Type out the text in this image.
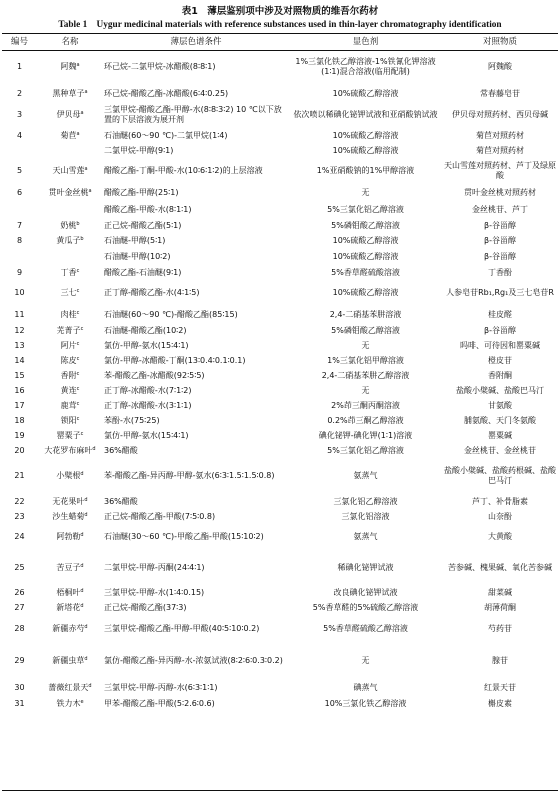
表1　薄层鉴别项中涉及对照物质的维吾尔药材
Table 1　Uygur medicinal materials with reference substances used in thin-layer chromatography identification
编号	名称	薄层色谱条件	显色剂	对照物质
1	阿魏$^a$	环己烷-二氯甲烷-冰醋酸(8∶8∶1)	1%三氯化铁乙醇溶液-1%铁氰化钾溶液(1∶1)混合溶液(临用配制)	阿魏酸
2	黑种草子$^a$	环己烷-醋酸乙酯-冰醋酸(6∶4∶0.25)	10%硫酸乙醇溶液	常春藤皂苷
3	伊贝母$^a$	三氯甲烷-醋酸乙酯-甲醇-水(8∶8∶3∶2) 10 ℃以下放置的下层溶液为展开剂	依次喷以稀碘化铋钾试液和亚硝酸钠试液	伊贝母对照药材、西贝母碱
4	菊苣$^a$	石油醚(60～90 ℃)-二氯甲烷(1∶4)	10%硫酸乙醇溶液	菊苣对照药材
		二氯甲烷-甲醇(9∶1)	10%硫酸乙醇溶液	菊苣对照药材
5	天山雪莲$^a$	醋酸乙酯-丁酮-甲酸-水(10∶6∶1∶2)的上层溶液	1%亚硝酸钠的1%甲醇溶液	天山雪莲对照药材、芦丁及绿原酸
6	贯叶金丝桃$^a$	醋酸乙酯-甲醇(25∶1)	无	贯叶金丝桃对照药材
		醋酸乙酯-甲酸-水(8∶1∶1)	5%三氯化铝乙醇溶液	金丝桃苷、芦丁
7	奶桃$^b$	正己烷-醋酸乙酯(5∶1)	5%磷钼酸乙醇溶液	β-谷甾醇
8	黄瓜子$^b$	石油醚-甲醇(5∶1)	10%硫酸乙醇溶液	β-谷甾醇
		石油醚-甲醇(10∶2)	10%硫酸乙醇溶液	β-谷甾醇
9	丁香$^c$	醋酸乙酯-石油醚(9∶1)	5%香草醛硫酸溶液	丁香酚
10	三七$^c$	正丁醇-醋酸乙酯-水(4∶1∶5)	10%硫酸乙醇溶液	人参皂苷Rb₁,Rg₁及三七皂苷R
11	肉桂$^c$	石油醚(60～90 ℃)-醋酸乙酯(85∶15)	2,4-二硝基苯肼溶液	桂皮醛
12	芜菁子$^c$	石油醚-醋酸乙酯(10∶2)	5%磷钼酸乙醇溶液	β-谷甾醇
13	阿片$^c$	氯仿-甲醇-氨水(15∶4∶1)	无	吗啡、可待因和罂粟碱
14	陈皮$^c$	氯仿-甲醇-冰醋酸-丁酮(13∶0.4∶0.1∶0.1)	1%三氯化铝甲醇溶液	橙皮苷
15	香附$^c$	苯-醋酸乙酯-冰醋酸(92∶5∶5)	2,4-二硝基苯肼乙醇溶液	香附酮
16	黄连$^c$	正丁醇-冰醋酸-水(7∶1∶2)	无	盐酸小檗碱、盐酸巴马汀
17	鹿茸$^c$	正丁醇-冰醋酸-水(3∶1∶1)	2%茚三酮丙酮溶液	甘氨酸
18	锁阳$^c$	苯酚-水(75∶25)	0.2%茚三酮乙醇溶液	脯氨酸、天门冬氨酸
19	罂粟子$^c$	氯仿-甲醇-氨水(15∶4∶1)	碘化铋钾-碘化钾(1∶1)溶液	罂粟碱
20	大花罗布麻叶$^d$	36%醋酸	5%三氯化铝乙醇溶液	金丝桃苷、金丝桃苷
21	小檗根$^d$	苯-醋酸乙酯-异丙醇-甲醇-氨水(6∶3∶1.5∶1.5∶0.8)	氨蒸气	盐酸小檗碱、盐酸药根碱、盐酸巴马汀
22	无花果叶$^d$	36%醋酸	三氯化铝乙醇溶液	芦丁、补骨脂素
23	沙生蜡菊$^d$	正己烷-醋酸乙酯-甲酸(7∶5∶0.8)	三氯化铝溶液	山奈酚
24	阿勃勒$^d$	石油醚(30～60 ℃)-甲酸乙酯-甲酸(15∶10∶2)	氨蒸气	大黄酸
25	苦豆子$^d$	二氯甲烷-甲醇-丙酮(24∶4∶1)	稀碘化铋钾试液	苦参碱、槐果碱、氧化苦参碱
26	梧桐叶$^d$	三氯甲烷-甲醇-水(1∶4∶0.15)	改良碘化铋钾试液	甜菜碱
27	新塔花$^d$	正己烷-醋酸乙酯(37∶3)	5%香草醛的5%硫酸乙醇溶液	胡薄荷酮
28	新疆赤芍$^d$	三氯甲烷-醋酸乙酯-甲醇-甲酸(40∶5∶10∶0.2)	5%香草醛硫酸乙醇溶液	芍药苷
29	新疆虫草$^d$	氯仿-醋酸乙酯-异丙醇-水-浓氨试液(8∶2∶6∶0.3∶0.2)	无	腺苷
30	蔷薇红景天$^d$	三氯甲烷-甲醇-丙醇-水(6∶3∶1∶1)	碘蒸气	红景天苷
31	铁力木$^e$	甲苯-醋酸乙酯-甲酸(5∶2.6∶0.6)	10%三氯化铁乙醇溶液	槲皮素
